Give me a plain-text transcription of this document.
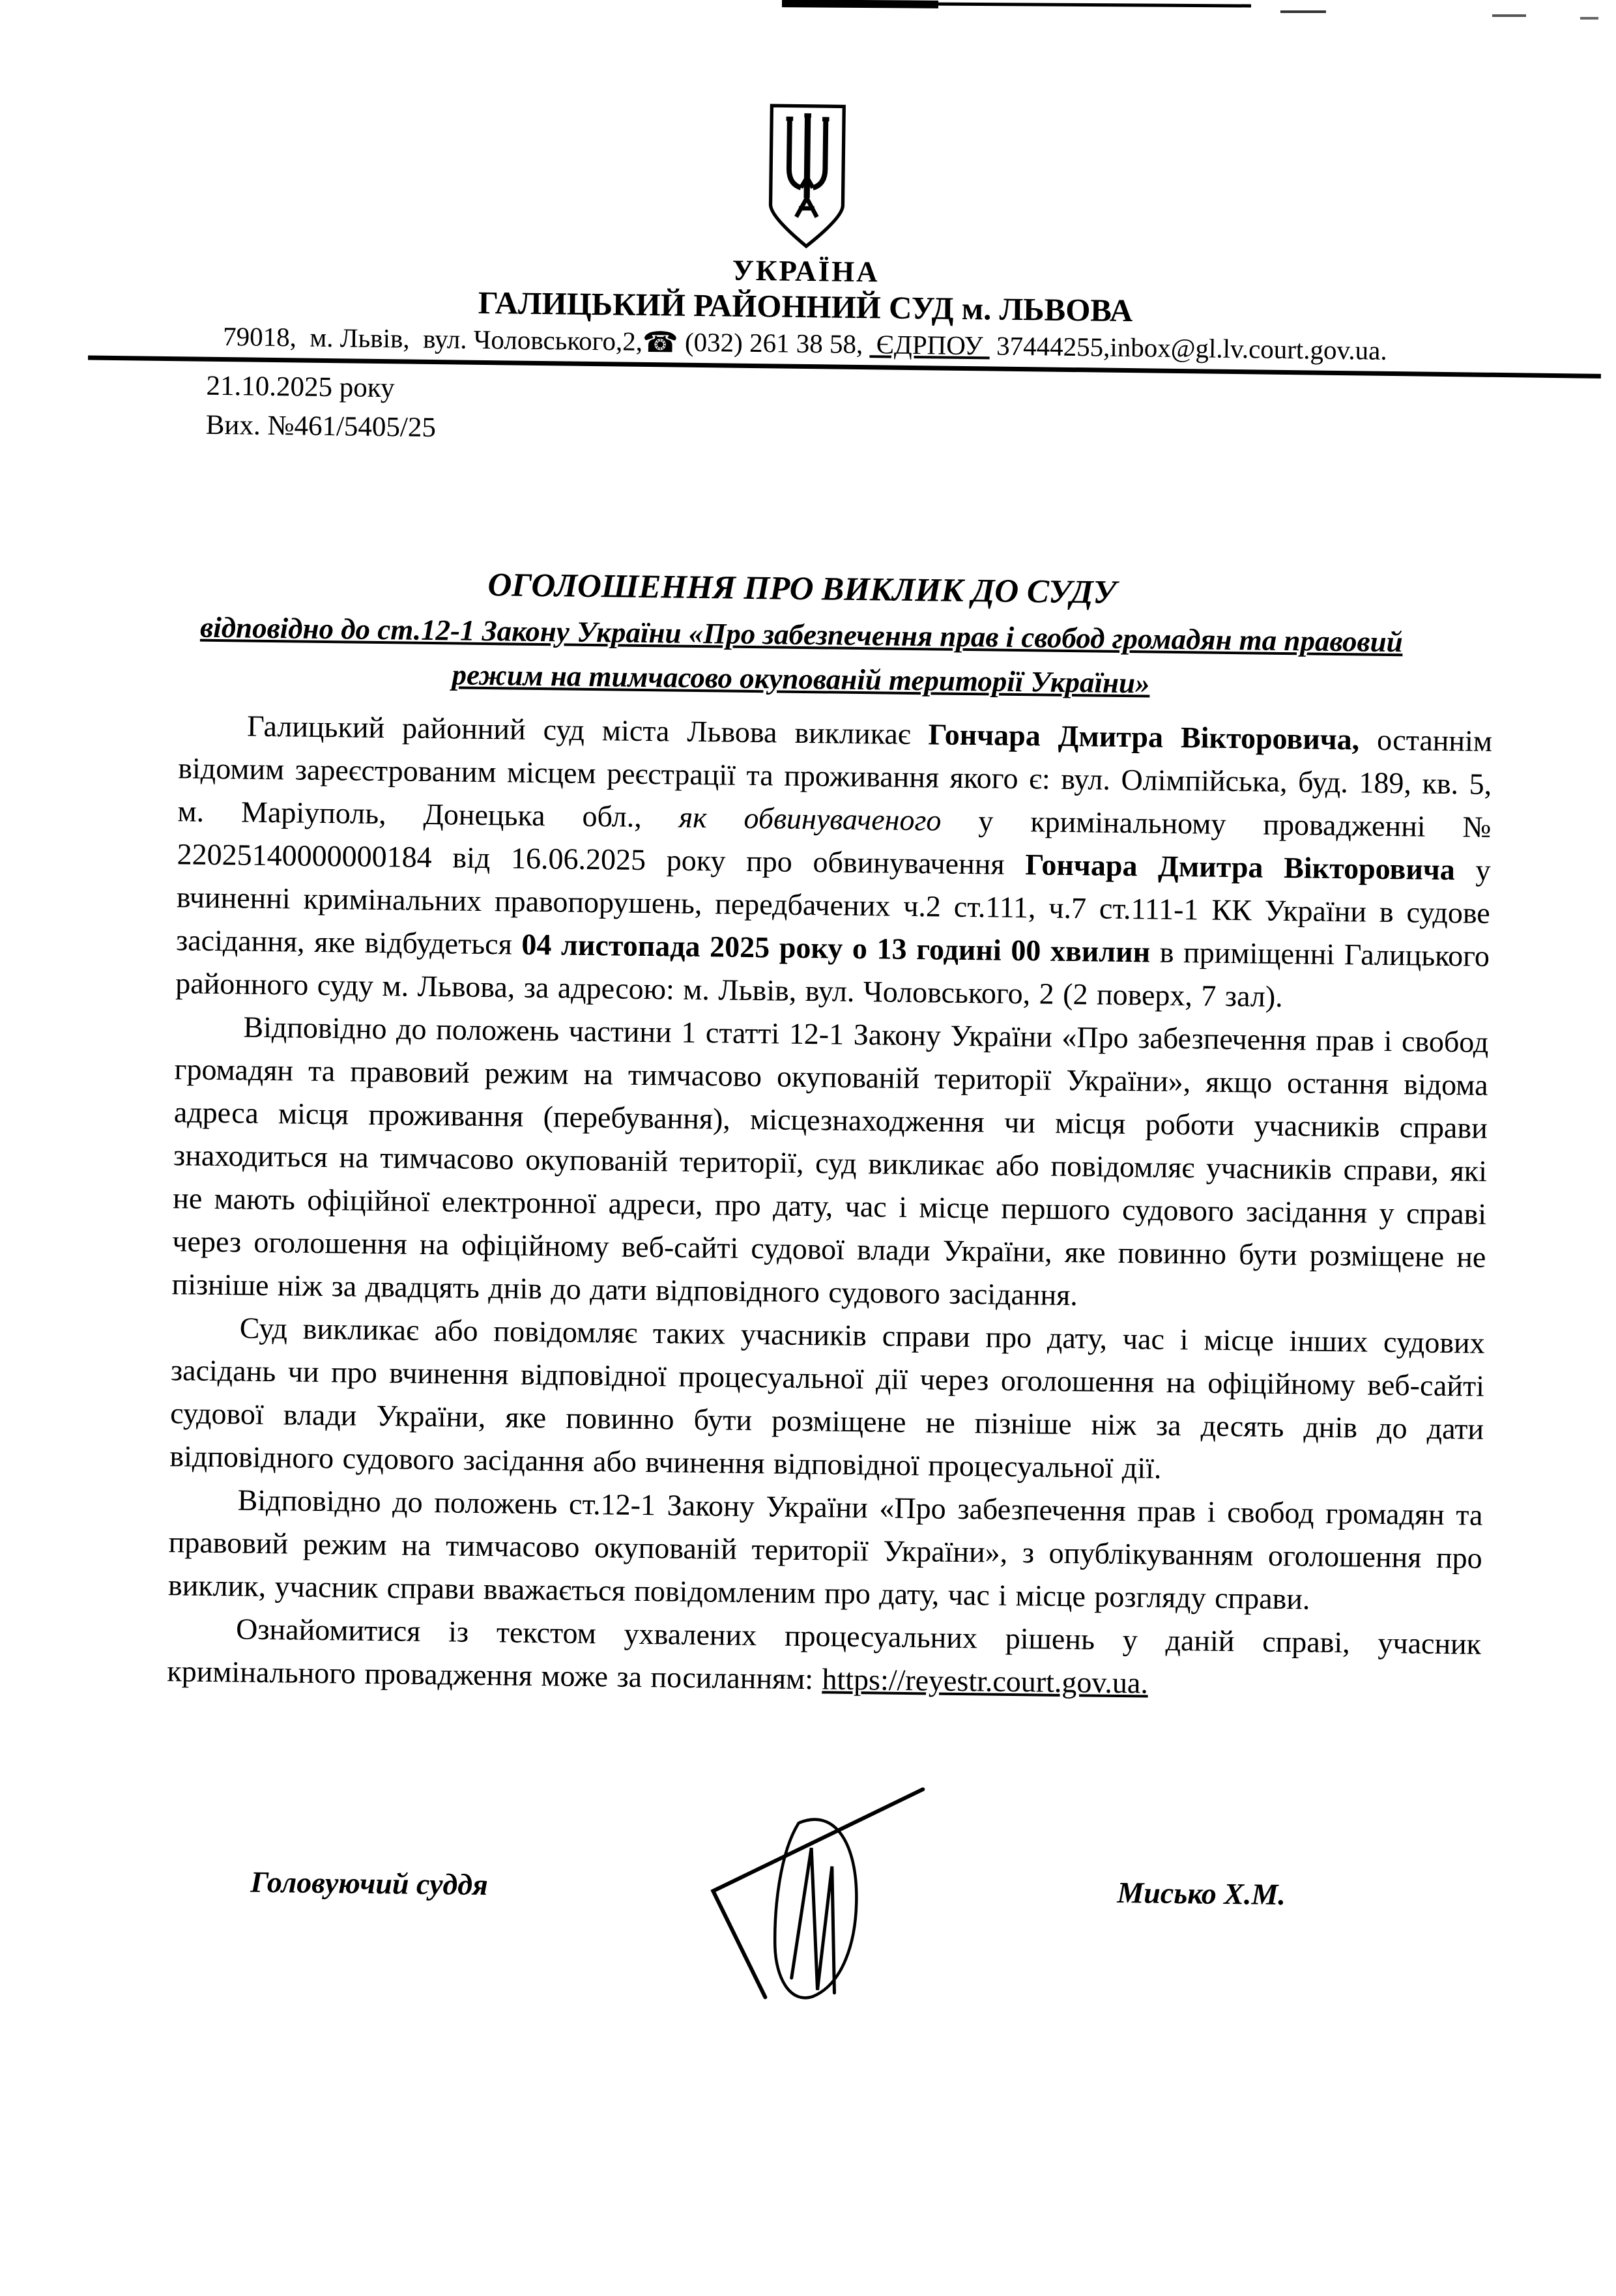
УКРАЇНА
ГАЛИЦЬКИЙ РАЙОННИЙ СУД м. ЛЬВОВА
79018,  м. Львів,  вул. Чоловського,2,☎ (032) 261 38 58,  ЄДРПОУ  37444255,inbox@gl.lv.court.gov.ua.
21.10.2025 року
Вих. №461/5405/25
ОГОЛОШЕННЯ ПРО ВИКЛИК ДО СУДУ
відповідно до ст.12-1 Закону України «Про забезпечення прав і свобод громадян та правовий режим на тимчасово окупованій території України»

Галицький районний суд міста Львова викликає Гончара Дмитра Вікторовича, останнім відомим зареєстрованим місцем реєстрації та проживання якого є: вул. Олімпійська, буд. 189, кв. 5, м. Маріуполь, Донецька обл., як обвинуваченого у кримінальному провадженні № 22025140000000184 від 16.06.2025 року про обвинувачення Гончара Дмитра Вікторовича у вчиненні кримінальних правопорушень, передбачених ч.2 ст.111, ч.7 ст.111-1 КК України в судове засідання, яке відбудеться 04 листопада 2025 року о 13 годині 00 хвилин в приміщенні Галицького районного суду м. Львова, за адресою: м. Львів, вул. Чоловського, 2 (2 поверх, 7 зал).

Відповідно до положень частини 1 статті 12-1 Закону України «Про забезпечення прав і свобод громадян та правовий режим на тимчасово окупованій території України», якщо остання відома адреса місця проживання (перебування), місцезнаходження чи місця роботи учасників справи знаходиться на тимчасово окупованій території, суд викликає або повідомляє учасників справи, які не мають офіційної електронної адреси, про дату, час і місце першого судового засідання у справі через оголошення на офіційному веб-сайті судової влади України, яке повинно бути розміщене не пізніше ніж за двадцять днів до дати відповідного судового засідання.

Суд викликає або повідомляє таких учасників справи про дату, час і місце інших судових засідань чи про вчинення відповідної процесуальної дії через оголошення на офіційному веб-сайті судової влади України, яке повинно бути розміщене не пізніше ніж за десять днів до дати відповідного судового засідання або вчинення відповідної процесуальної дії.

Відповідно до положень ст.12-1 Закону України «Про забезпечення прав і свобод громадян та правовий режим на тимчасово окупованій території України», з опублікуванням оголошення про виклик, учасник справи вважається повідомленим про дату, час і місце розгляду справи.

Ознайомитися із текстом ухвалених процесуальних рішень у даній справі, учасник кримінального провадження може за посиланням: https://reyestr.court.gov.ua.

Головуючий суддя	Мисько Х.М.
